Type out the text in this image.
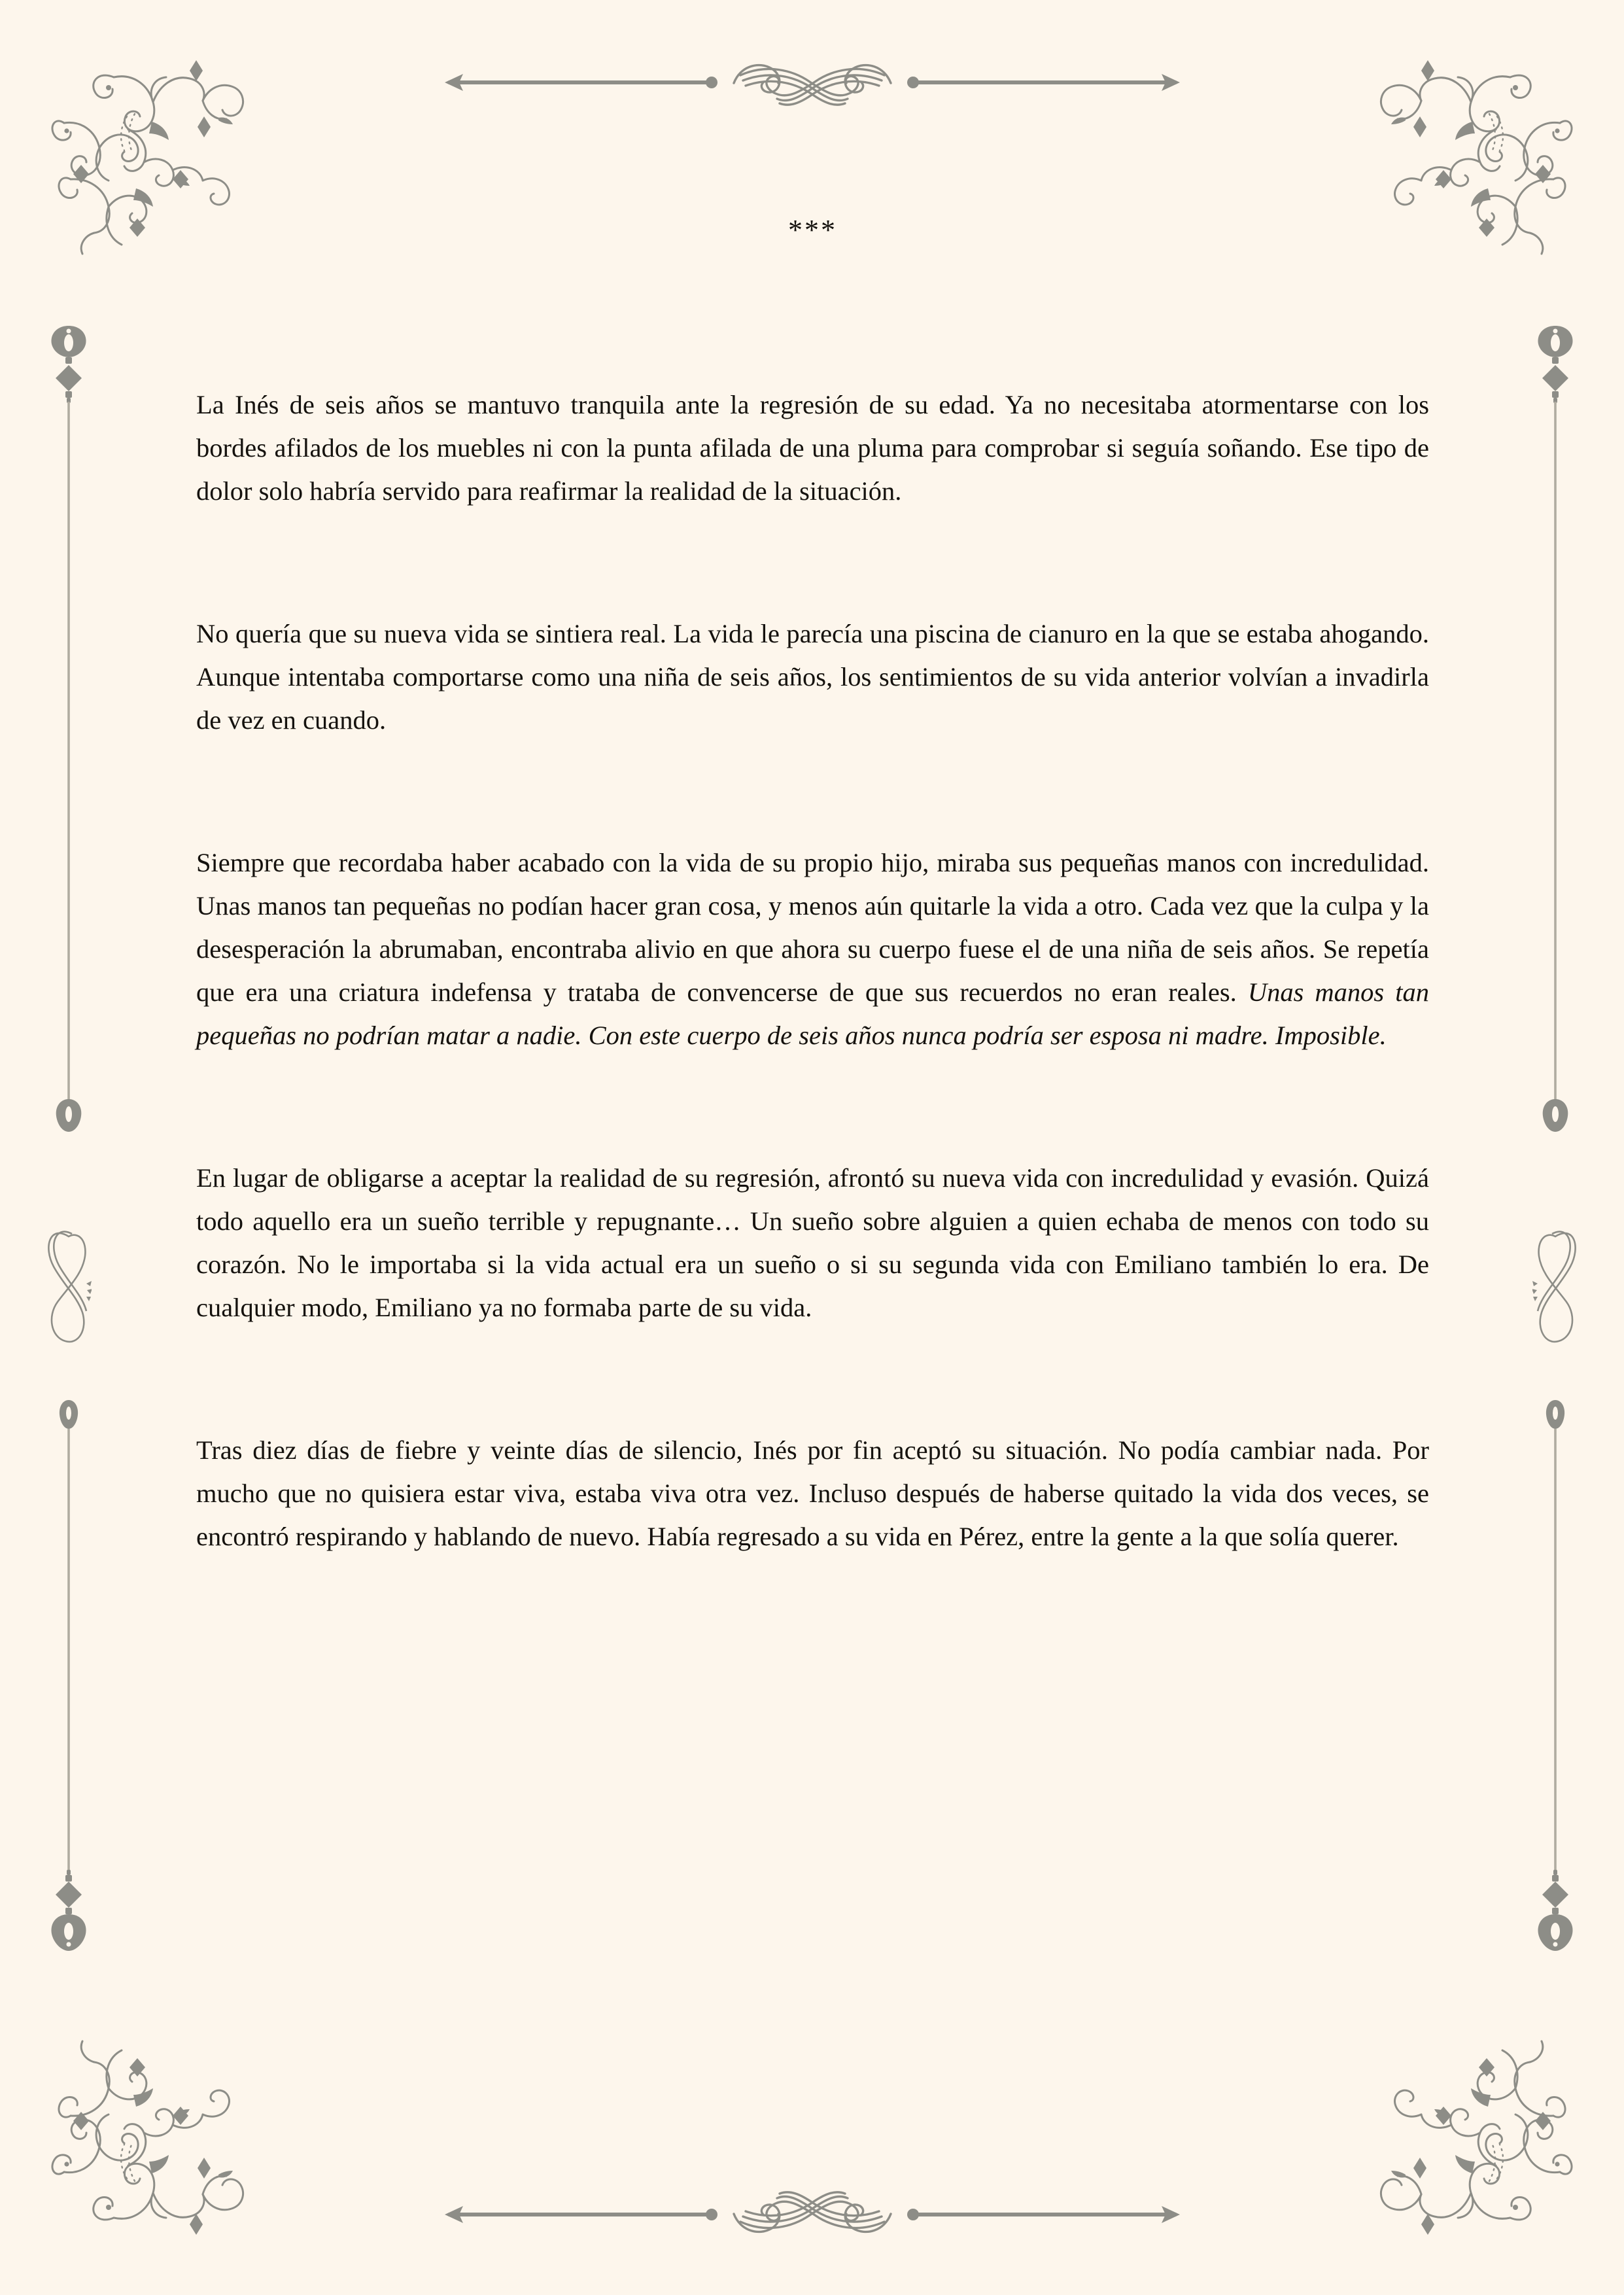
***

La Inés de seis años se mantuvo tranquila ante la regresión de su edad. Ya no necesitaba atormentarse con los bordes afilados de los muebles ni con la punta afilada de una pluma para comprobar si seguía soñando. Ese tipo de dolor solo habría servido para reafirmar la realidad de la situación.

No quería que su nueva vida se sintiera real. La vida le parecía una piscina de cianuro en la que se estaba ahogando. Aunque intentaba comportarse como una niña de seis años, los sentimientos de su vida anterior volvían a invadirla de vez en cuando.

Siempre que recordaba haber acabado con la vida de su propio hijo, miraba sus pequeñas manos con incredulidad. Unas manos tan pequeñas no podían hacer gran cosa, y menos aún quitarle la vida a otro. Cada vez que la culpa y la desesperación la abrumaban, encontraba alivio en que ahora su cuerpo fuese el de una niña de seis años. Se repetía que era una criatura indefensa y trataba de convencerse de que sus recuerdos no eran reales. Unas manos tan pequeñas no podrían matar a nadie. Con este cuerpo de seis años nunca podría ser esposa ni madre. Imposible.

En lugar de obligarse a aceptar la realidad de su regresión, afrontó su nueva vida con incredulidad y evasión. Quizá todo aquello era un sueño terrible y repugnante… Un sueño sobre alguien a quien echaba de menos con todo su corazón. No le importaba si la vida actual era un sueño o si su segunda vida con Emiliano también lo era. De cualquier modo, Emiliano ya no formaba parte de su vida.

Tras diez días de fiebre y veinte días de silencio, Inés por fin aceptó su situación. No podía cambiar nada. Por mucho que no quisiera estar viva, estaba viva otra vez. Incluso después de haberse quitado la vida dos veces, se encontró respirando y hablando de nuevo. Había regresado a su vida en Pérez, entre la gente a la que solía querer.
